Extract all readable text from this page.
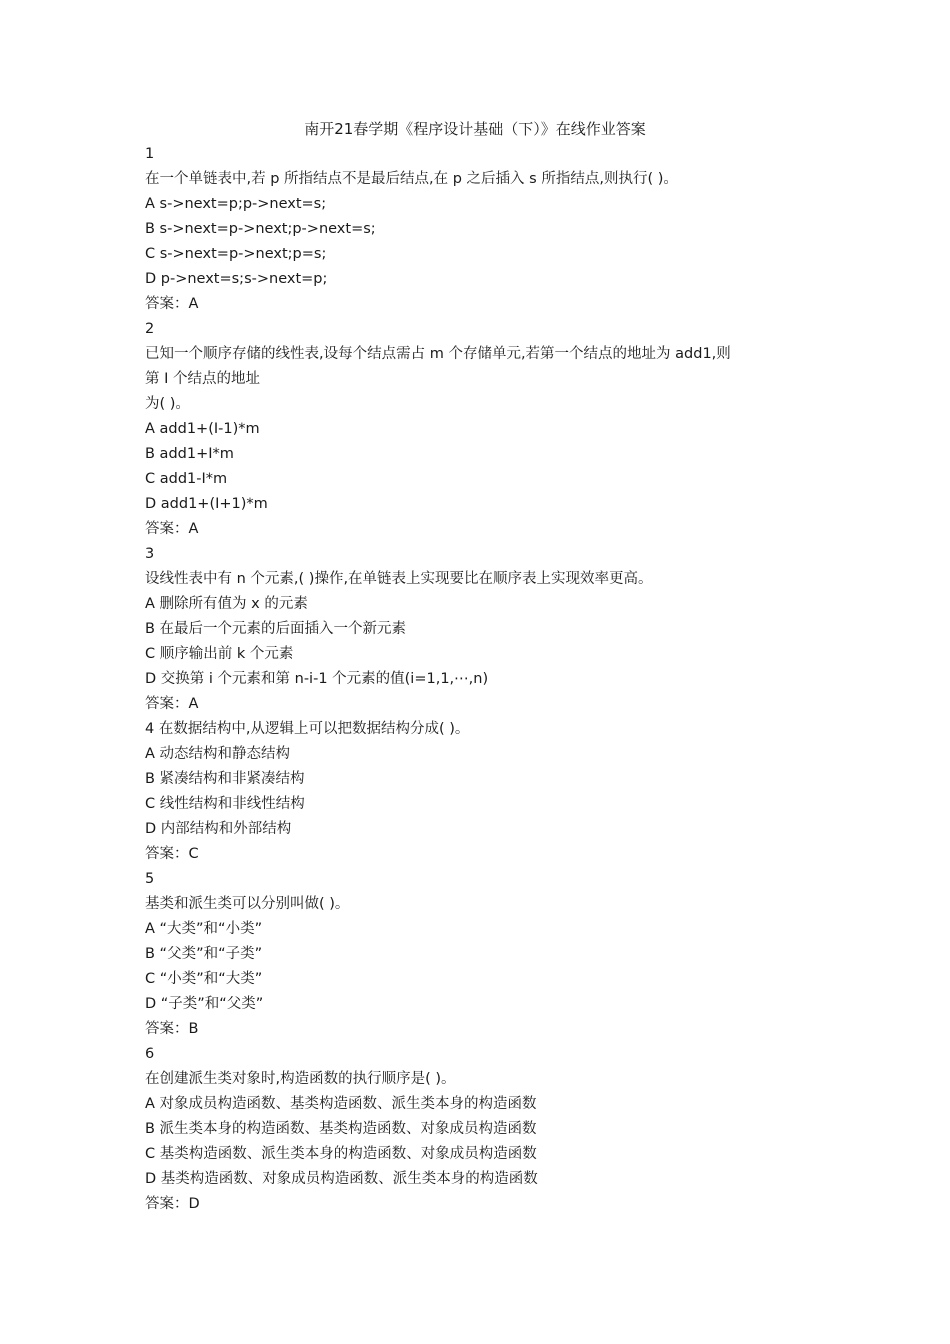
南开21春学期《程序设计基础（下）》在线作业答案
1
在一个单链表中,若 p 所指结点不是最后结点,在 p 之后插入 s 所指结点,则执行( )。
A s->next=p;p->next=s;
B s->next=p->next;p->next=s;
C s->next=p->next;p=s;
D p->next=s;s->next=p;
答案：A
2
已知一个顺序存储的线性表,设每个结点需占 m 个存储单元,若第一个结点的地址为 add1,则
第 I 个结点的地址
为( )。
A add1+(I-1)*m
B add1+I*m
C add1-I*m
D add1+(I+1)*m
答案：A
3
设线性表中有 n 个元素,( )操作,在单链表上实现要比在顺序表上实现效率更高。
A 删除所有值为 x 的元素
B 在最后一个元素的后面插入一个新元素
C 顺序输出前 k 个元素
D 交换第 i 个元素和第 n-i-1 个元素的值(i=1,1,⋯,n)
答案：A
4 在数据结构中,从逻辑上可以把数据结构分成( )。
A 动态结构和静态结构
B 紧凑结构和非紧凑结构
C 线性结构和非线性结构
D 内部结构和外部结构
答案：C
5
基类和派生类可以分别叫做( )。
A “大类”和“小类”
B “父类”和“子类”
C “小类”和“大类”
D “子类”和“父类”
答案：B
6
在创建派生类对象时,构造函数的执行顺序是( )。
A 对象成员构造函数、基类构造函数、派生类本身的构造函数
B 派生类本身的构造函数、基类构造函数、对象成员构造函数
C 基类构造函数、派生类本身的构造函数、对象成员构造函数
D 基类构造函数、对象成员构造函数、派生类本身的构造函数
答案：D
